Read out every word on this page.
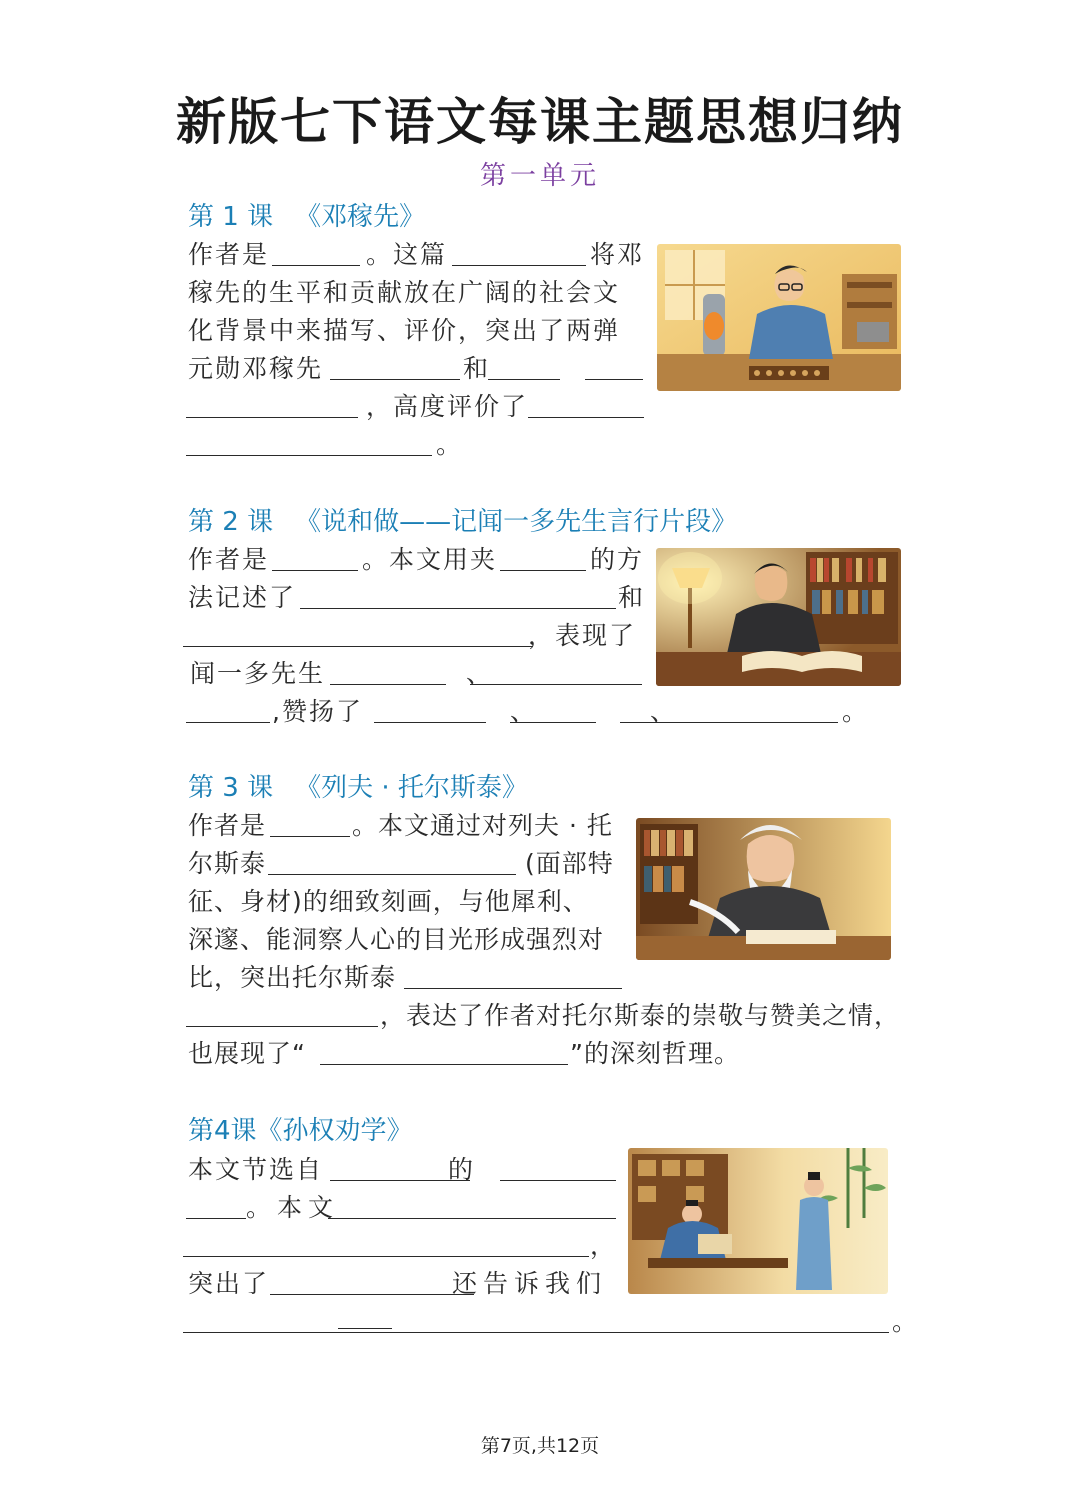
新版七下语文每课主题思想归纳
第一单元
第 1 课 《邓稼先》
作者是	。这篇	将邓
稼先的生平和贡献放在广阔的社会文
化背景中来描写、评价，突出了两弹
元勋邓稼先	和
，高度评价了
。
第 2 课 《说和做——记闻一多先生言行片段》
作者是	。本文用夹	的方
法记述了	和
，表现了
闻一多先生	、
,赞扬了	、	、	。
第 3 课 《列夫 · 托尔斯泰》
作者是	。本文通过对列夫 · 托
尔斯泰	(面部特
征、身材)的细致刻画，与他犀利、
深邃、能洞察人心的目光形成强烈对
比，突出托尔斯泰
，表达了作者对托尔斯泰的崇敬与赞美之情，
也展现了“	”的深刻哲理。
第4课《孙权劝学》
本文节选自	的
。本文
，
突出了	还告诉我们
。
第7页,共12页
